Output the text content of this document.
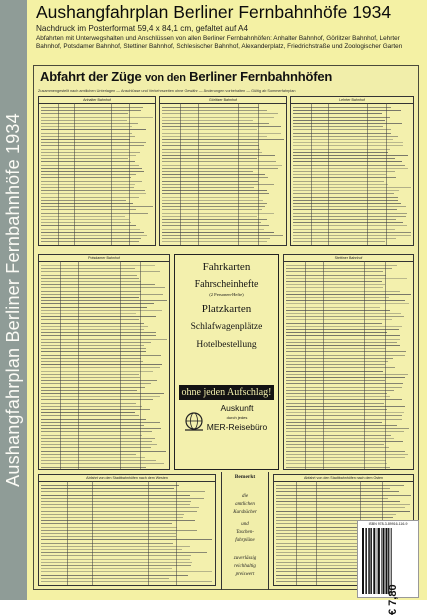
Aushangfahrplan Berliner Fernbahnhöfe 1934
Aushangfahrplan Berliner Fernbahnhöfe 1934
Nachdruck im Posterformat 59,4 x 84,1 cm, gefaltet auf A4
Abfahrten mit Unterwegshalten und Anschlüssen von allen Berliner Fernbahnhöfen: Anhalter Bahnhof, Görlitzer Bahnhof, Lehrter Bahnhof, Potsdamer Bahnhof, Stettiner Bahnhof, Schlesischer Bahnhof, Alexanderplatz, Friedrichstraße und Zoologischer Garten
Abfahrt der Züge von den Berliner Fernbahnhöfen
Zusammengestellt nach amtlichen Unterlagen — Anschlüsse und Verkehrszeiten ohne Gewähr — Änderungen vorbehalten — Gültig ab Sommerfahrplan
Anhalter Bahnhof	Görlitzer Bahnhof	Lehrter Bahnhof
Potsdamer Bahnhof
Fahrkarten
Fahrscheinhefte
(2 Personen-Hefte)
Platzkarten
Schlafwagenplätze
Hotelbestellung
ohne jeden Aufschlag!
Auskunft
durch jedes
MER-Reisebüro
Stettiner Bahnhof
Abfahrt von den Stadtbahnhöfen nach dem Westen	Bemerkt
die
amtlichen
Kursbücher
und
Taschen-
fahrpläne
zuverlässig
reichhaltig
preiswert
Abfahrt von den Stadtbahnhöfen nach dem Osten
ISBN 978-3-89916-116-9
€ 7,80
